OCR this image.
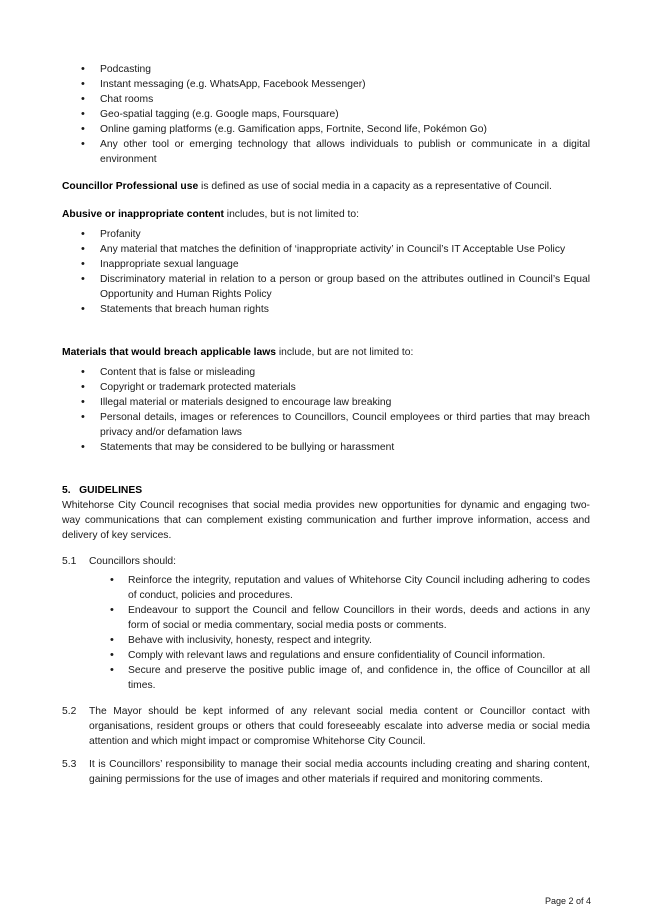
• Podcasting
• Instant messaging (e.g. WhatsApp, Facebook Messenger)
• Chat rooms
• Geo-spatial tagging (e.g. Google maps, Foursquare)
• Online gaming platforms (e.g. Gamification apps, Fortnite, Second life, Pokémon Go)
• Any other tool or emerging technology that allows individuals to publish or communicate in a digital environment

Councillor Professional use is defined as use of social media in a capacity as a representative of Council.

Abusive or inappropriate content includes, but is not limited to:

• Profanity
• Any material that matches the definition of ‘inappropriate activity’ in Council’s IT Acceptable Use Policy
• Inappropriate sexual language
• Discriminatory material in relation to a person or group based on the attributes outlined in Council’s Equal Opportunity and Human Rights Policy
• Statements that breach human rights

Materials that would breach applicable laws include, but are not limited to:

• Content that is false or misleading
• Copyright or trademark protected materials
• Illegal material or materials designed to encourage law breaking
• Personal details, images or references to Councillors, Council employees or third parties that may breach privacy and/or defamation laws
• Statements that may be considered to be bullying or harassment

5.   GUIDELINES

Whitehorse City Council recognises that social media provides new opportunities for dynamic and engaging two-way communications that can complement existing communication and further improve information, access and delivery of key services.

5.1	Councillors should:

• Reinforce the integrity, reputation and values of Whitehorse City Council including adhering to codes of conduct, policies and procedures.
• Endeavour to support the Council and fellow Councillors in their words, deeds and actions in any form of social or media commentary, social media posts or comments.
• Behave with inclusivity, honesty, respect and integrity.
• Comply with relevant laws and regulations and ensure confidentiality of Council information.
• Secure and preserve the positive public image of, and confidence in, the office of Councillor at all times.
5.2	The Mayor should be kept informed of any relevant social media content or Councillor contact with organisations, resident groups or others that could foreseeably escalate into adverse media or social media attention and which might impact or compromise Whitehorse City Council.

5.3	It is Councillors’ responsibility to manage their social media accounts including creating and sharing content, gaining permissions for the use of images and other materials if required and monitoring comments.

Page 2 of 4
